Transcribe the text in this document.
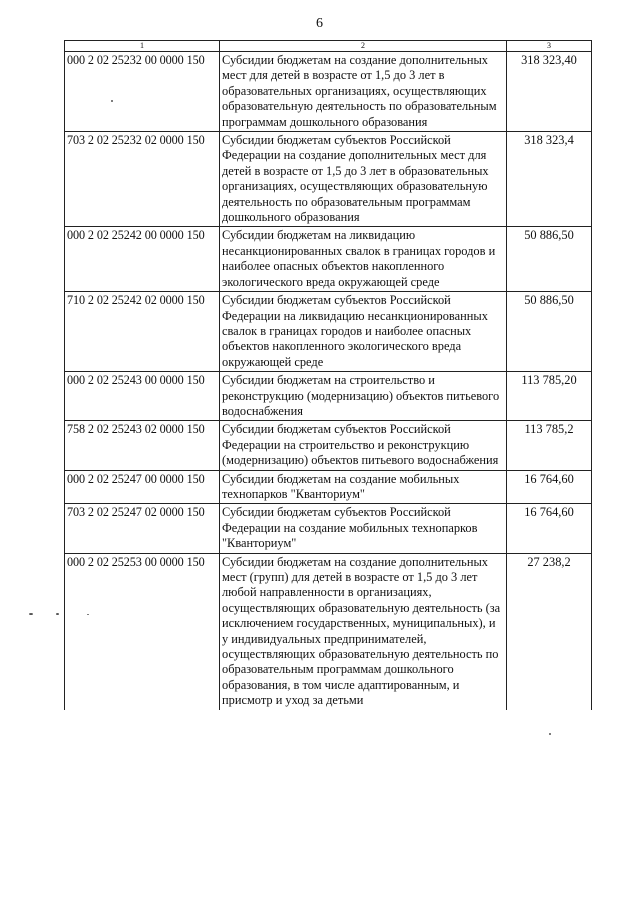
6
1	2	3
000 2 02 25232 00 0000 150	Субсидии бюджетам на создание дополнительных мест для детей в возрасте от 1,5 до 3 лет в образовательных организациях, осуществляющих образовательную деятельность по образовательным программам дошкольного образования	318 323,40
703 2 02 25232 02 0000 150	Субсидии бюджетам субъектов Российской Федерации на создание дополнительных мест для детей в возрасте от 1,5 до 3 лет в образовательных организациях, осуществляющих образовательную деятельность по образовательным программам дошкольного образования	318 323,4
000 2 02 25242 00 0000 150	Субсидии бюджетам на ликвидацию несанкционированных свалок в границах городов и наиболее опасных объектов накопленного экологического вреда окружающей среде	50 886,50
710 2 02 25242 02 0000 150	Субсидии бюджетам субъектов Российской Федерации на ликвидацию несанкционированных свалок в границах городов и наиболее опасных объектов накопленного экологического вреда окружающей среде	50 886,50
000 2 02 25243 00 0000 150	Субсидии бюджетам на строительство и реконструкцию (модернизацию) объектов питьевого водоснабжения	113 785,20
758 2 02 25243 02 0000 150	Субсидии бюджетам субъектов Российской Федерации на строительство и реконструкцию (модернизацию) объектов питьевого водоснабжения	113 785,2
000 2 02 25247 00 0000 150	Субсидии бюджетам на создание мобильных технопарков "Кванториум"	16 764,60
703 2 02 25247 02 0000 150	Субсидии бюджетам субъектов Российской Федерации на создание мобильных технопарков "Кванториум"	16 764,60
000 2 02 25253 00 0000 150	Субсидии бюджетам на создание дополнительных мест (групп) для детей в возрасте от 1,5 до 3 лет любой направленности в организациях, осуществляющих образовательную деятельность (за исключением государственных, муниципальных), и у индивидуальных предпринимателей, осуществляющих образовательную деятельность по образовательным программам дошкольного образования, в том числе адаптированным, и присмотр и уход за детьми	27 238,2
